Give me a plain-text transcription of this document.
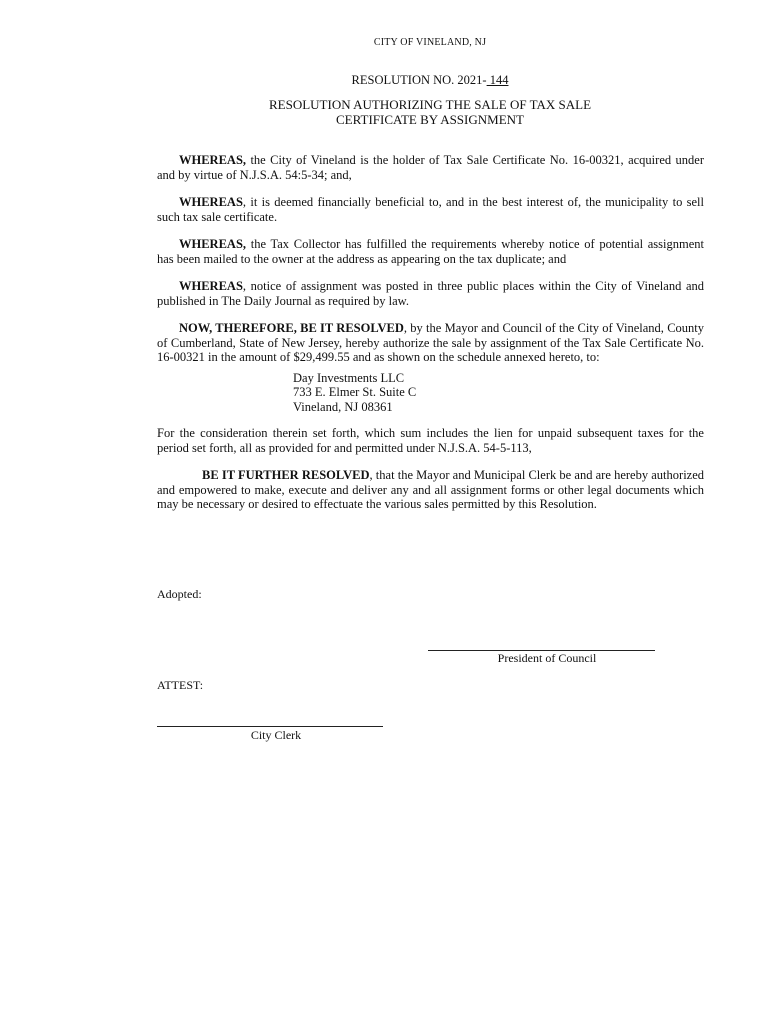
CITY OF VINELAND, NJ
RESOLUTION NO. 2021- 144
RESOLUTION AUTHORIZING THE SALE OF TAX SALE
CERTIFICATE BY ASSIGNMENT

WHEREAS, the City of Vineland is the holder of Tax Sale Certificate No. 16-00321, acquired under and by virtue of N.J.S.A. 54:5-34; and,

WHEREAS, it is deemed financially beneficial to, and in the best interest of, the municipality to sell such tax sale certificate.

WHEREAS, the Tax Collector has fulfilled the requirements whereby notice of potential assignment has been mailed to the owner at the address as appearing on the tax duplicate; and

WHEREAS, notice of assignment was posted in three public places within the City of Vineland and published in The Daily Journal as required by law.

NOW, THEREFORE, BE IT RESOLVED, by the Mayor and Council of the City of Vineland, County of Cumberland, State of New Jersey, hereby authorize the sale by assignment of the Tax Sale Certificate No. 16-00321 in the amount of $29,499.55 and as shown on the schedule annexed hereto, to:

Day Investments LLC
733 E. Elmer St. Suite C
Vineland, NJ 08361

For the consideration therein set forth, which sum includes the lien for unpaid subsequent taxes for the period set forth, all as provided for and permitted under N.J.S.A. 54-5-113,

BE IT FURTHER RESOLVED, that the Mayor and Municipal Clerk be and are hereby authorized and empowered to make, execute and deliver any and all assignment forms or other legal documents which may be necessary or desired to effectuate the various sales permitted by this Resolution.

Adopted:
President of Council
ATTEST:
City Clerk
